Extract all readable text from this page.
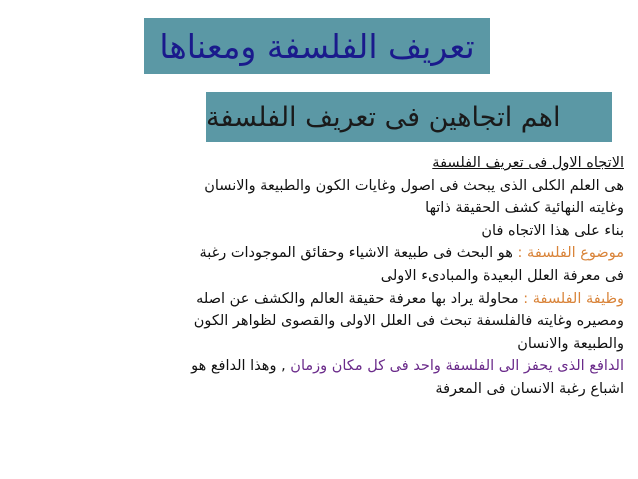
تعريف الفلسفة ومعناها
اهم اتجاهين فى تعريف الفلسفة
الاتجاه الاول فى تعريف الفلسفة
هى العلم الكلى الذى يبحث فى اصول وغايات الكون والطبيعة والانسان
وغايته النهائية كشف الحقيقة ذاتها
بناء على هذا الاتجاه فان
موضوع الفلسفة : هو البحث فى طبيعة الاشياء وحقائق الموجودات رغبة
فى معرفة العلل البعيدة والمبادىء الاولى
وظيفة الفلسفة : محاولة يراد بها معرفة حقيقة العالم والكشف عن اصله
ومصيره وغايته فالفلسفة تبحث فى العلل الاولى والقصوى لظواهر الكون
والطبيعة والانسان
الدافع الذى يحفز الى الفلسفة واحد فى كل مكان وزمان , وهذا الدافع هو
اشباع رغبة الانسان فى المعرفة
